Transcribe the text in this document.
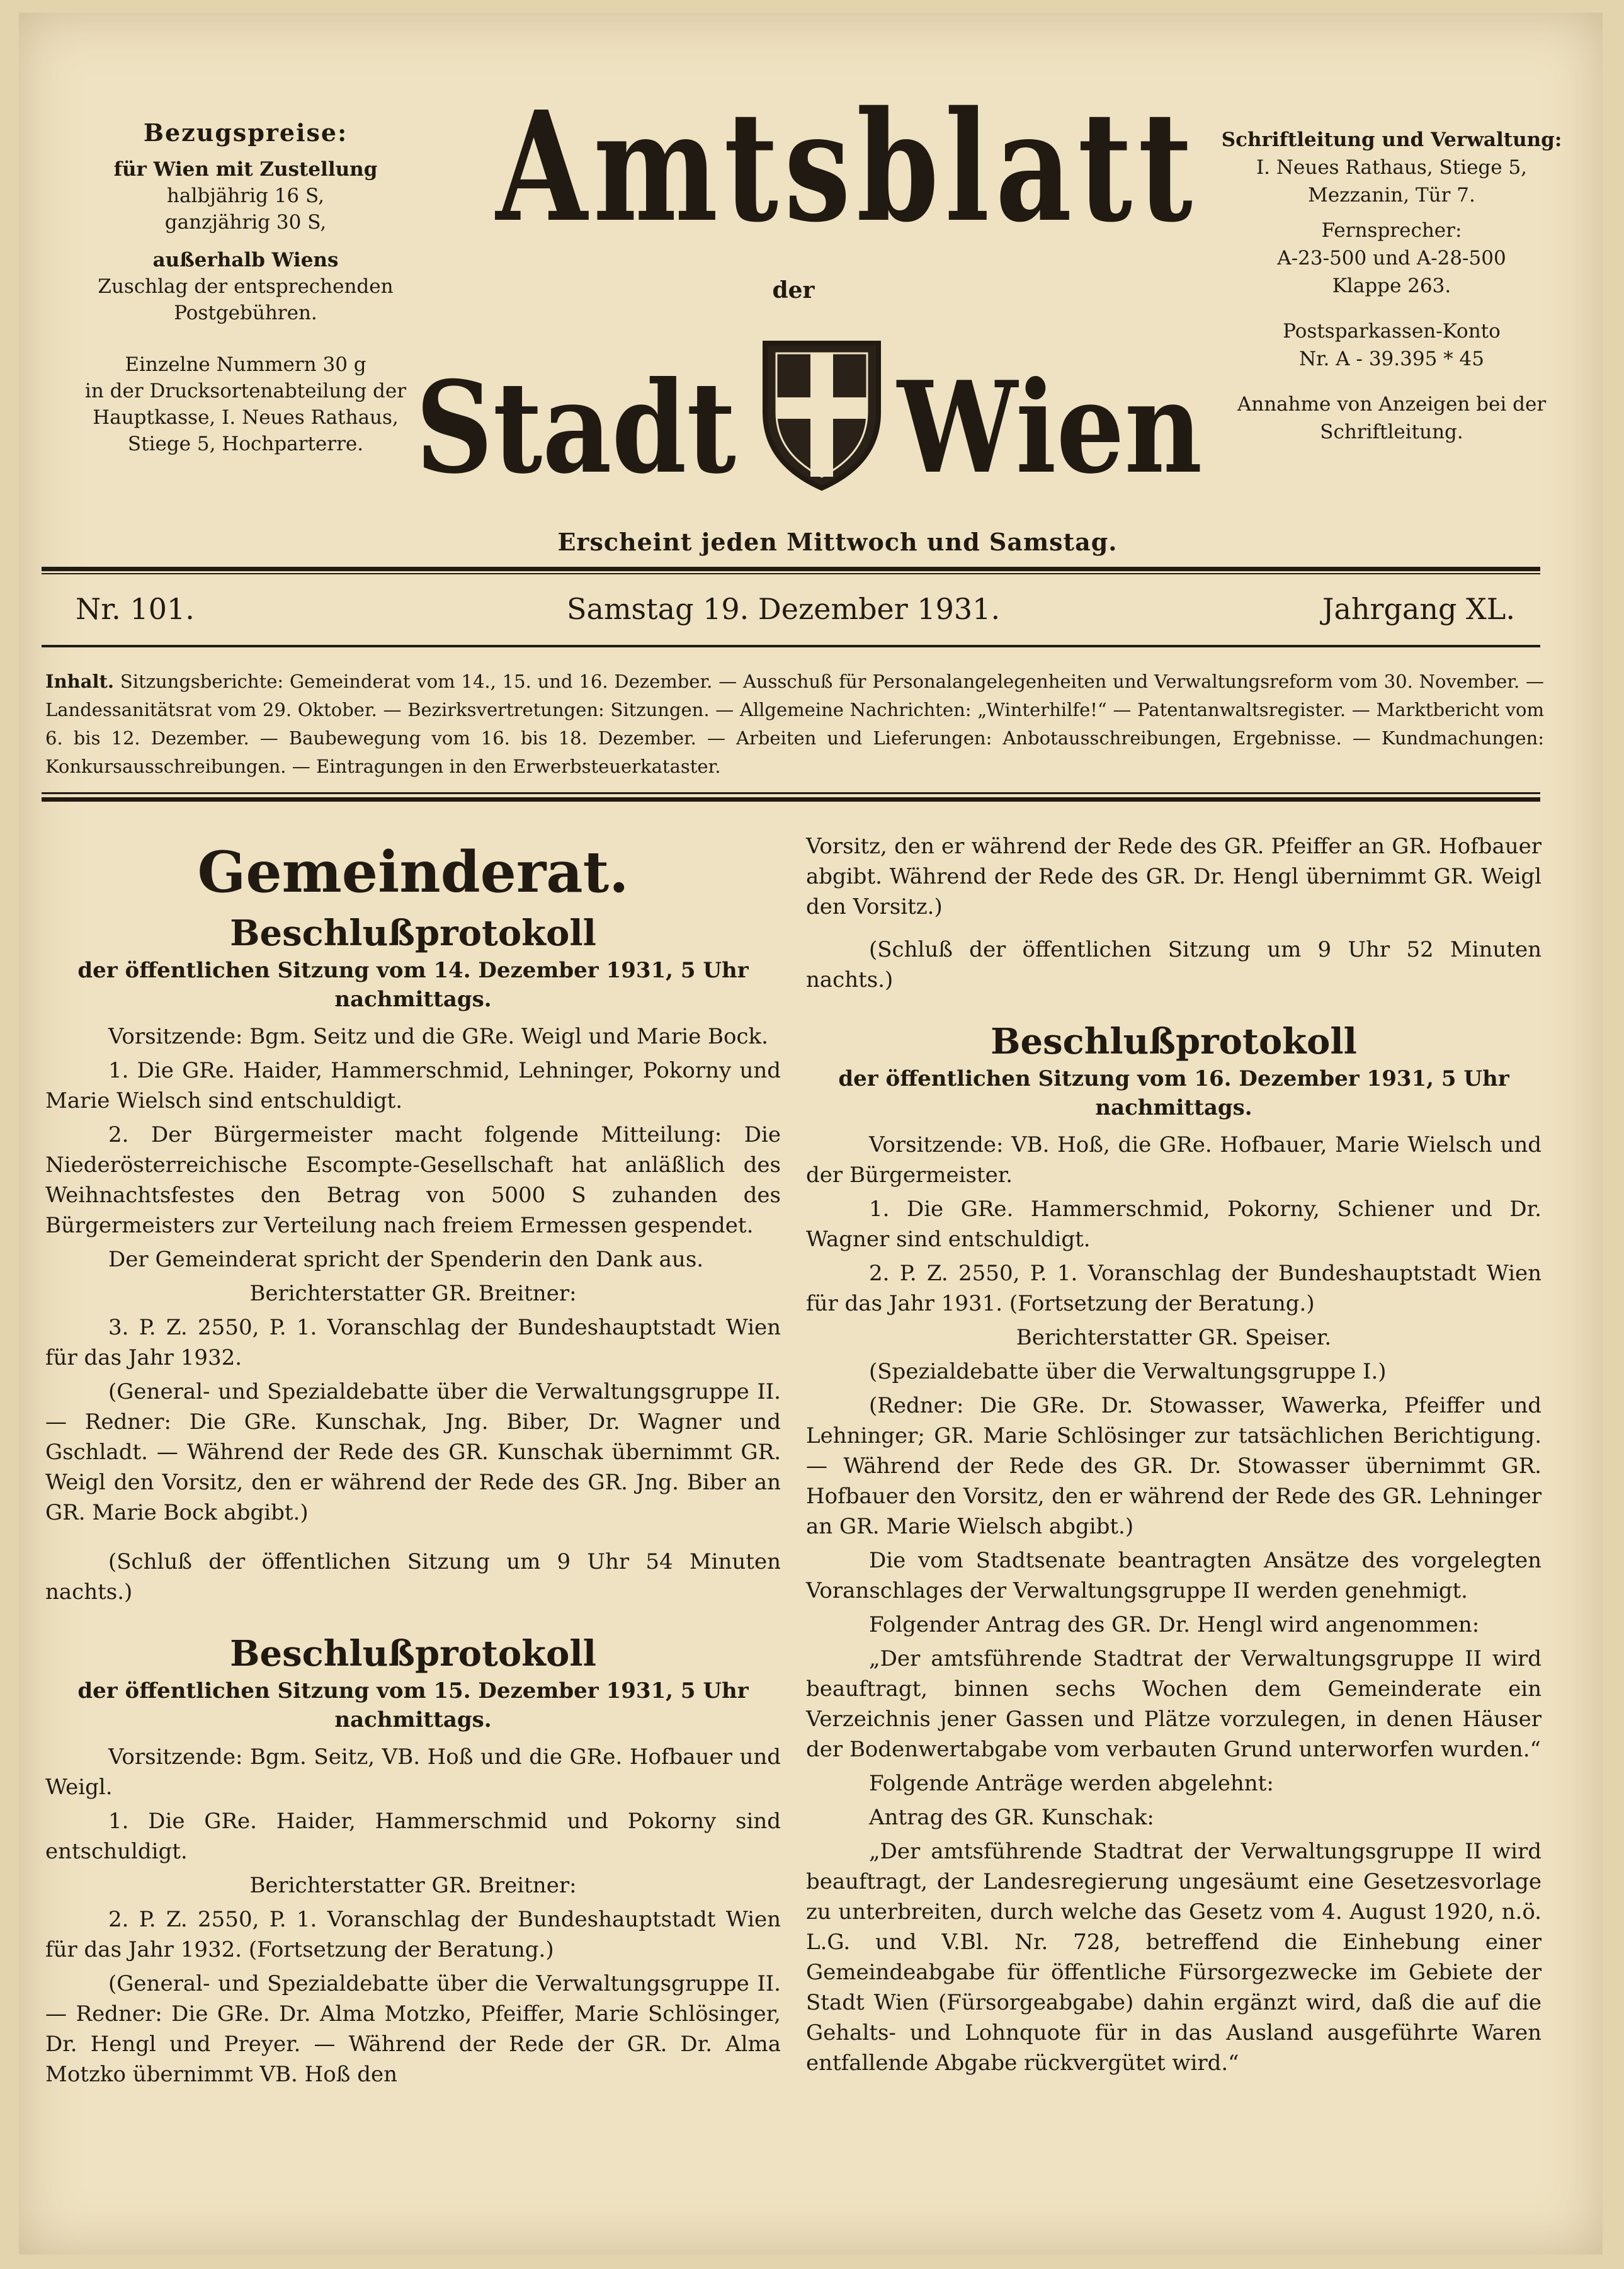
Bezugspreise:
für Wien mit Zustellung
halbjährig 16 S,
ganzjährig 30 S,
außerhalb Wiens
Zuschlag der entsprechenden
Postgebühren.
Einzelne Nummern 30 g
in der Drucksortenabteilung der
Hauptkasse, I. Neues Rathaus,
Stiege 5, Hochparterre.
Amtsblatt
der
Stadt Wien
Erscheint jeden Mittwoch und Samstag.
Schriftleitung und Verwaltung:
I. Neues Rathaus, Stiege 5,
Mezzanin, Tür 7.
Fernsprecher:
A-23-500 und A-28-500
Klappe 263.
Postsparkassen-Konto
Nr. A - 39.395 * 45
Annahme von Anzeigen bei der
Schriftleitung.
Nr. 101.	Samstag 19. Dezember 1931.	Jahrgang XL.
Inhalt. Sitzungsberichte: Gemeinderat vom 14., 15. und 16. Dezember. — Ausschuß für Personalangelegenheiten und Verwaltungsreform vom 30. November. — Landessanitätsrat vom 29. Oktober. — Bezirksvertretungen: Sitzungen. — Allgemeine Nachrichten: „Winterhilfe!“ — Patentanwaltsregister. — Marktbericht vom 6. bis 12. Dezember. — Baubewegung vom 16. bis 18. Dezember. — Arbeiten und Lieferungen: Anbotausschreibungen, Ergebnisse. — Kundmachungen: Konkursausschreibungen. — Eintragungen in den Erwerbsteuerkataster.
Gemeinderat.
Beschlußprotokoll
der öffentlichen Sitzung vom 14. Dezember 1931, 5 Uhr nachmittags.

Vorsitzende: Bgm. Seitz und die GRe. Weigl und Marie Bock.

1. Die GRe. Haider, Hammerschmid, Lehninger, Pokorny und Marie Wielsch sind entschuldigt.

2. Der Bürgermeister macht folgende Mitteilung: Die Niederösterreichische Escompte-Gesellschaft hat anläßlich des Weihnachtsfestes den Betrag von 5000 S zuhanden des Bürgermeisters zur Verteilung nach freiem Ermessen gespendet.

Der Gemeinderat spricht der Spenderin den Dank aus.

Berichterstatter GR. Breitner:

3. P. Z. 2550, P. 1. Voranschlag der Bundeshauptstadt Wien für das Jahr 1932.

(General- und Spezialdebatte über die Verwaltungsgruppe II. — Redner: Die GRe. Kunschak, Jng. Biber, Dr. Wagner und Gschladt. — Während der Rede des GR. Kunschak übernimmt GR. Weigl den Vorsitz, den er während der Rede des GR. Jng. Biber an GR. Marie Bock abgibt.)

(Schluß der öffentlichen Sitzung um 9 Uhr 54 Minuten nachts.)

Beschlußprotokoll
der öffentlichen Sitzung vom 15. Dezember 1931, 5 Uhr nachmittags.

Vorsitzende: Bgm. Seitz, VB. Hoß und die GRe. Hofbauer und Weigl.

1. Die GRe. Haider, Hammerschmid und Pokorny sind entschuldigt.

Berichterstatter GR. Breitner:

2. P. Z. 2550, P. 1. Voranschlag der Bundeshauptstadt Wien für das Jahr 1932. (Fortsetzung der Beratung.)

(General- und Spezialdebatte über die Verwaltungsgruppe II. — Redner: Die GRe. Dr. Alma Motzko, Pfeiffer, Marie Schlösinger, Dr. Hengl und Preyer. — Während der Rede der GR. Dr. Alma Motzko übernimmt VB. Hoß den

Vorsitz, den er während der Rede des GR. Pfeiffer an GR. Hofbauer abgibt. Während der Rede des GR. Dr. Hengl übernimmt GR. Weigl den Vorsitz.)

(Schluß der öffentlichen Sitzung um 9 Uhr 52 Minuten nachts.)

Beschlußprotokoll
der öffentlichen Sitzung vom 16. Dezember 1931, 5 Uhr nachmittags.

Vorsitzende: VB. Hoß, die GRe. Hofbauer, Marie Wielsch und der Bürgermeister.

1. Die GRe. Hammerschmid, Pokorny, Schiener und Dr. Wagner sind entschuldigt.

2. P. Z. 2550, P. 1. Voranschlag der Bundeshauptstadt Wien für das Jahr 1931. (Fortsetzung der Beratung.)

Berichterstatter GR. Speiser.

(Spezialdebatte über die Verwaltungsgruppe I.)

(Redner: Die GRe. Dr. Stowasser, Wawerka, Pfeiffer und Lehninger; GR. Marie Schlösinger zur tatsächlichen Berichtigung. — Während der Rede des GR. Dr. Stowasser übernimmt GR. Hofbauer den Vorsitz, den er während der Rede des GR. Lehninger an GR. Marie Wielsch abgibt.)

Die vom Stadtsenate beantragten Ansätze des vorgelegten Voranschlages der Verwaltungsgruppe II werden genehmigt.

Folgender Antrag des GR. Dr. Hengl wird angenommen:

„Der amtsführende Stadtrat der Verwaltungsgruppe II wird beauftragt, binnen sechs Wochen dem Gemeinderate ein Verzeichnis jener Gassen und Plätze vorzulegen, in denen Häuser der Bodenwertabgabe vom verbauten Grund unterworfen wurden.“

Folgende Anträge werden abgelehnt:

Antrag des GR. Kunschak:

„Der amtsführende Stadtrat der Verwaltungsgruppe II wird beauftragt, der Landesregierung ungesäumt eine Gesetzesvorlage zu unterbreiten, durch welche das Gesetz vom 4. August 1920, n.ö. L.G. und V.Bl. Nr. 728, betreffend die Einhebung einer Gemeindeabgabe für öffentliche Fürsorgezwecke im Gebiete der Stadt Wien (Fürsorgeabgabe) dahin ergänzt wird, daß die auf die Gehalts- und Lohnquote für in das Ausland ausgeführte Waren entfallende Abgabe rückvergütet wird.“
